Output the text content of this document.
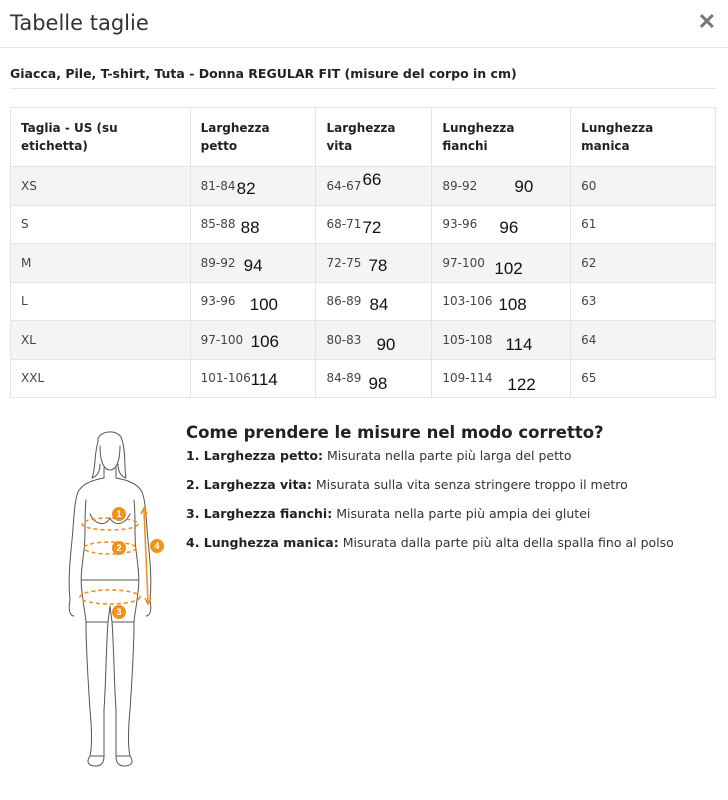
Tabelle taglie	✕
Giacca, Pile, T-shirt, Tuta - Donna REGULAR FIT (misure del corpo in cm)
Taglia - US (su etichetta)	Larghezza petto	Larghezza vita	Lunghezza fianchi	Lunghezza manica
XS	81-84 82	64-67 66	89-92 90	60
S	85-88 88	68-71 72	93-96 96	61
M	89-92 94	72-75 78	97-100 102	62
L	93-96 100	86-89 84	103-106 108	63
XL	97-100 106	80-83 90	105-108 114	64
XXL	101-106 114	84-89 98	109-114 122	65
Come prendere le misure nel modo corretto?
1. Larghezza petto: Misurata nella parte più larga del petto
2. Larghezza vita: Misurata sulla vita senza stringere troppo il metro
3. Larghezza fianchi: Misurata nella parte più ampia dei glutei
4. Lunghezza manica: Misurata dalla parte più alta della spalla fino al polso
1
2
3
4
